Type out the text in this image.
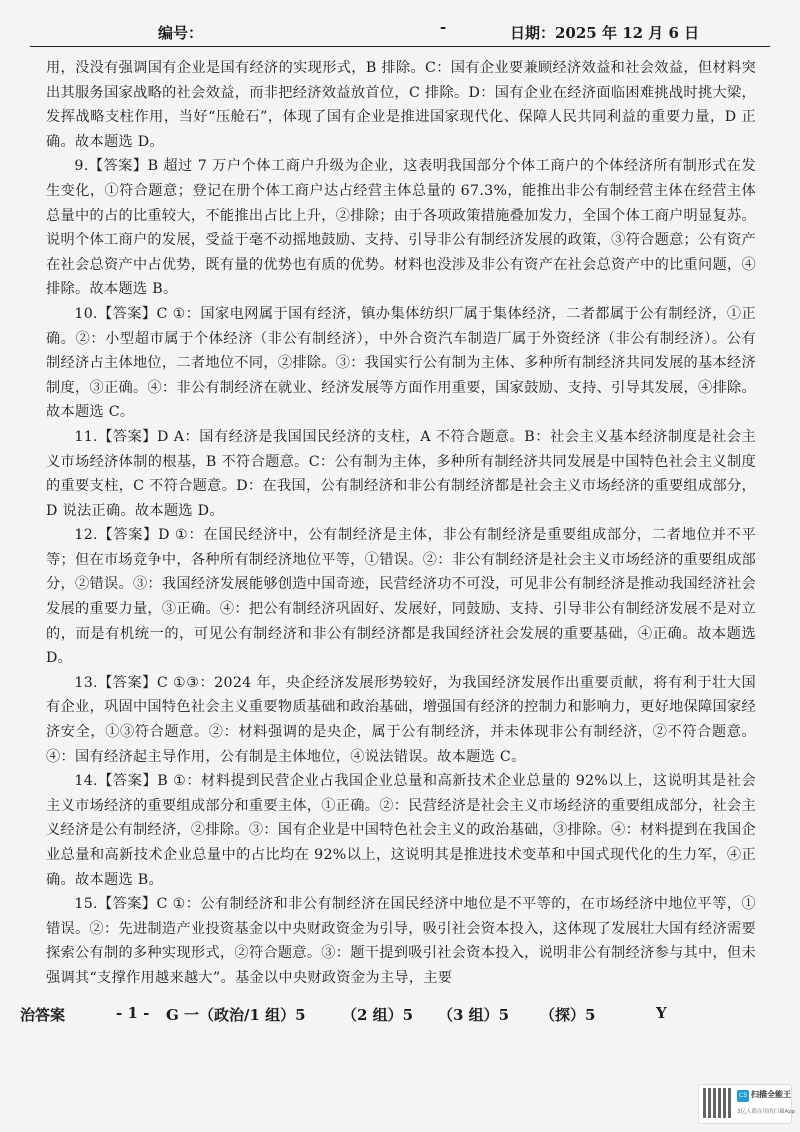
编号：	-	日期：2025 年 12 月 6 日

用，没没有强调国有企业是国有经济的实现形式，B 排除。C：国有企业要兼顾经济效益和社会效益，但材料突出其服务国家战略的社会效益，而非把经济效益放首位，C 排除。D：国有企业在经济面临困难挑战时挑大梁，发挥战略支柱作用，当好“压舱石”，体现了国有企业是推进国家现代化、保障人民共同利益的重要力量，D 正确。故本题选 D。

9.【答案】B 超过 7 万户个体工商户升级为企业，这表明我国部分个体工商户的个体经济所有制形式在发生变化，①符合题意；登记在册个体工商户达占经营主体总量的 67.3%，能推出非公有制经营主体在经营主体总量中的占的比重较大，不能推出占比上升，②排除；由于各项政策措施叠加发力，全国个体工商户明显复苏。说明个体工商户的发展，受益于毫不动摇地鼓励、支持、引导非公有制经济发展的政策，③符合题意；公有资产在社会总资产中占优势，既有量的优势也有质的优势。材料也没涉及非公有资产在社会总资产中的比重问题，④排除。故本题选 B。

10.【答案】C ①：国家电网属于国有经济，镇办集体纺织厂属于集体经济，二者都属于公有制经济，①正确。②：小型超市属于个体经济（非公有制经济），中外合资汽车制造厂属于外资经济（非公有制经济）。公有制经济占主体地位，二者地位不同，②排除。③：我国实行公有制为主体、多种所有制经济共同发展的基本经济制度，③正确。④：非公有制经济在就业、经济发展等方面作用重要，国家鼓励、支持、引导其发展，④排除。故本题选 C。

11.【答案】D A：国有经济是我国国民经济的支柱，A 不符合题意。B：社会主义基本经济制度是社会主义市场经济体制的根基，B 不符合题意。C：公有制为主体，多种所有制经济共同发展是中国特色社会主义制度的重要支柱，C 不符合题意。D：在我国，公有制经济和非公有制经济都是社会主义市场经济的重要组成部分，D 说法正确。故本题选 D。

12.【答案】D ①：在国民经济中，公有制经济是主体，非公有制经济是重要组成部分，二者地位并不平等；但在市场竞争中，各种所有制经济地位平等，①错误。②：非公有制经济是社会主义市场经济的重要组成部分，②错误。③：我国经济发展能够创造中国奇迹，民营经济功不可没，可见非公有制经济是推动我国经济社会发展的重要力量，③正确。④：把公有制经济巩固好、发展好，同鼓励、支持、引导非公有制经济发展不是对立的，而是有机统一的，可见公有制经济和非公有制经济都是我国经济社会发展的重要基础，④正确。故本题选 D。

13.【答案】C ①③：2024 年，央企经济发展形势较好，为我国经济发展作出重要贡献，将有利于壮大国有企业，巩固中国特色社会主义重要物质基础和政治基础，增强国有经济的控制力和影响力，更好地保障国家经济安全，①③符合题意。②：材料强调的是央企，属于公有制经济，并未体现非公有制经济，②不符合题意。④：国有经济起主导作用，公有制是主体地位，④说法错误。故本题选 C。

14.【答案】B ①：材料提到民营企业占我国企业总量和高新技术企业总量的 92%以上，这说明其是社会主义市场经济的重要组成部分和重要主体，①正确。②：民营经济是社会主义市场经济的重要组成部分，社会主义经济是公有制经济，②排除。③：国有企业是中国特色社会主义的政治基础，③排除。④：材料提到在我国企业总量和高新技术企业总量中的占比均在 92%以上，这说明其是推进技术变革和中国式现代化的生力军，④正确。故本题选 B。

15.【答案】C ①：公有制经济和非公有制经济在国民经济中地位是不平等的，在市场经济中地位平等，①错误。②：先进制造产业投资基金以中央财政资金为引导，吸引社会资本投入，这体现了发展壮大国有经济需要探索公有制的多种实现形式，②符合题意。③：题干提到吸引社会资本投入，说明非公有制经济参与其中，但未强调其“支撑作用越来越大”。基金以中央财政资金为主导，主要

治答案	- 1 - G 一（政治/1 组）5 （2 组）5 （3 组）5 （探）5	Y
CS 扫描全能王
3亿人都在用的扫描App
